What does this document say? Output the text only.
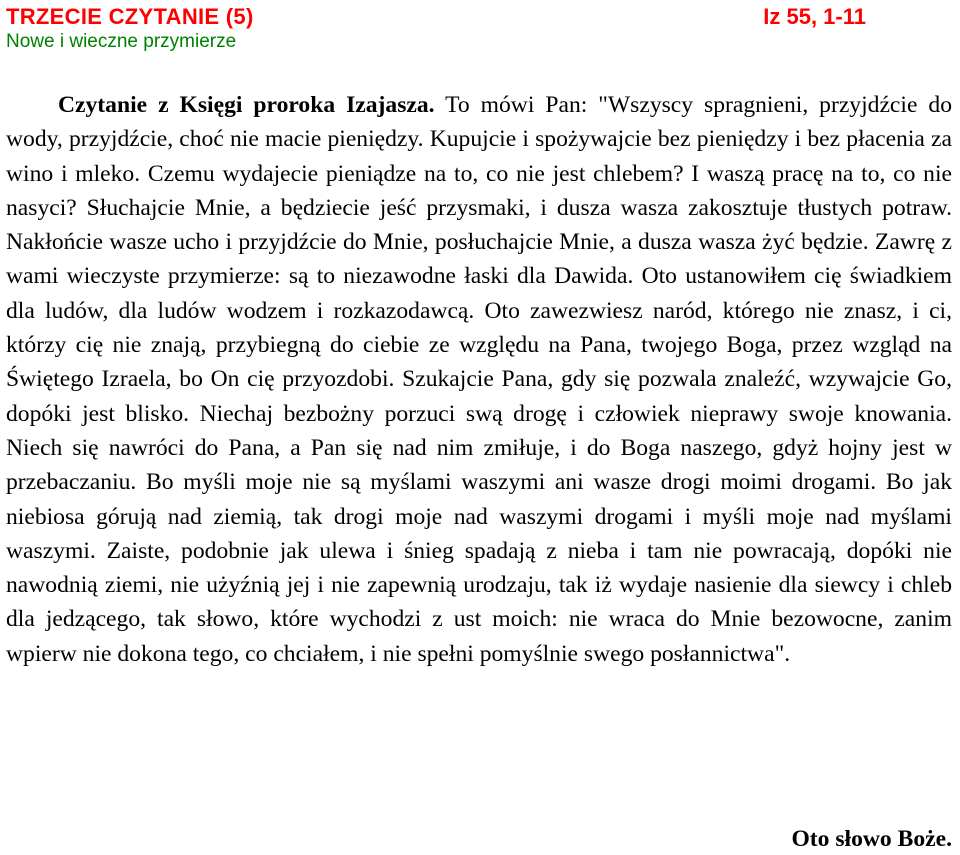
TRZECIE CZYTANIE (5)	Iz 55, 1-11
Nowe i wieczne przymierze
Czytanie z Księgi proroka Izajasza. To mówi Pan: "Wszyscy spragnieni, przyjdźcie do wody, przyjdźcie, choć nie macie pieniędzy. Kupujcie i spożywajcie bez pieniędzy i bez płacenia za wino i mleko. Czemu wydajecie pieniądze na to, co nie jest chlebem? I waszą pracę na to, co nie nasyci? Słuchajcie Mnie, a będziecie jeść przysmaki, i dusza wasza zakosztuje tłustych potraw. Nakłońcie wasze ucho i przyjdźcie do Mnie, posłuchajcie Mnie, a dusza wasza żyć będzie. Zawrę z wami wieczyste przymierze: są to niezawodne łaski dla Dawida. Oto ustanowiłem cię świadkiem dla ludów, dla ludów wodzem i rozkazodawcą. Oto zawezwiesz naród, którego nie znasz, i ci, którzy cię nie znają, przybiegną do ciebie ze względu na Pana, twojego Boga, przez wzgląd na Świętego Izraela, bo On cię przyozdobi. Szukajcie Pana, gdy się pozwala znaleźć, wzywajcie Go, dopóki jest blisko. Niechaj bezbożny porzuci swą drogę i człowiek nieprawy swoje knowania. Niech się nawróci do Pana, a Pan się nad nim zmiłuje, i do Boga naszego, gdyż hojny jest w przebaczaniu. Bo myśli moje nie są myślami waszymi ani wasze drogi moimi drogami. Bo jak niebiosa górują nad ziemią, tak drogi moje nad waszymi drogami i myśli moje nad myślami waszymi. Zaiste, podobnie jak ulewa i śnieg spadają z nieba i tam nie powracają, dopóki nie nawodnią ziemi, nie użyźnią jej i nie zapewnią urodzaju, tak iż wydaje nasienie dla siewcy i chleb dla jedzącego, tak słowo, które wychodzi z ust moich: nie wraca do Mnie bezowocne, zanim wpierw nie dokona tego, co chciałem, i nie spełni pomyślnie swego posłannictwa".
Oto słowo Boże.
